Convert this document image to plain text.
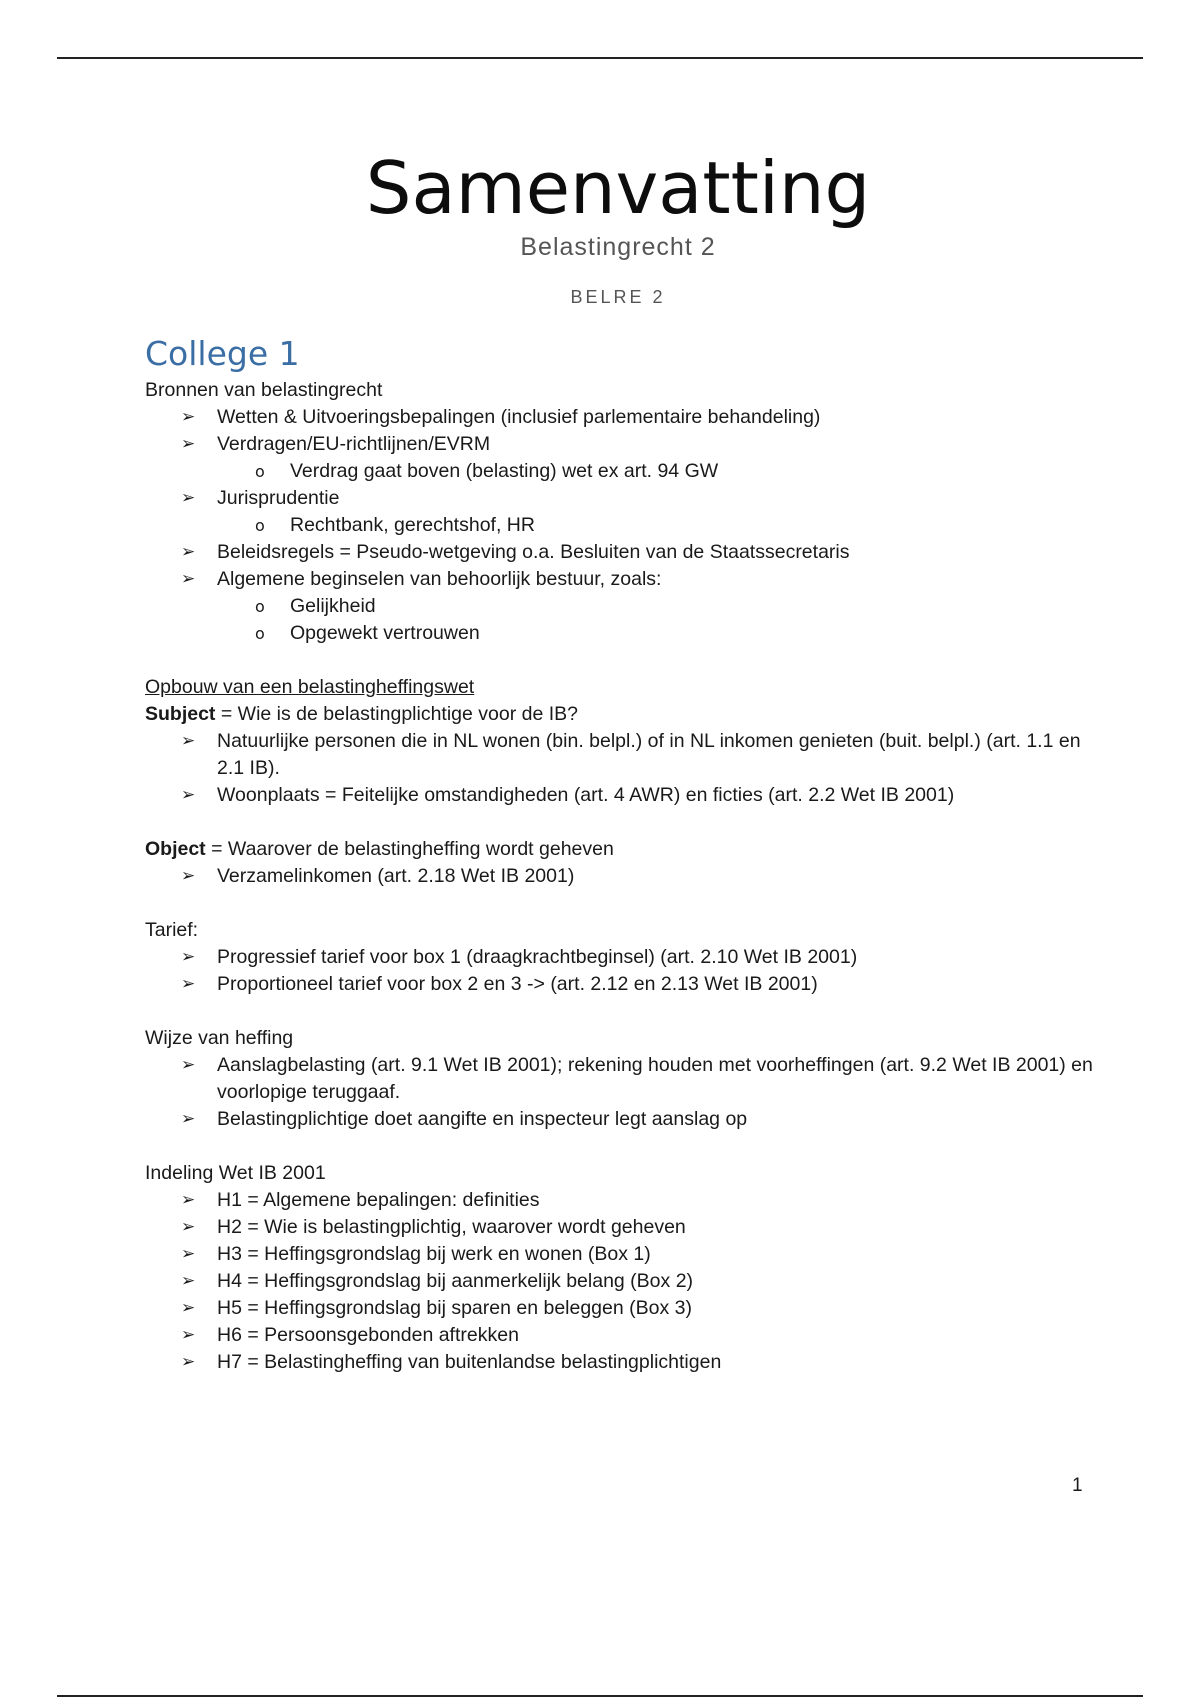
Samenvatting
Belastingrecht 2
BELRE 2
College 1

Bronnen van belastingrecht

➢ Wetten & Uitvoeringsbepalingen (inclusief parlementaire behandeling)
➢ Verdragen/EU-richtlijnen/EVRM
o Verdrag gaat boven (belasting) wet ex art. 94 GW
➢ Jurisprudentie
o Rechtbank, gerechtshof, HR
➢ Beleidsregels = Pseudo-wetgeving o.a. Besluiten van de Staatssecretaris
➢ Algemene beginselen van behoorlijk bestuur, zoals:
o Gelijkheid
o Opgewekt vertrouwen

Opbouw van een belastingheffingswet

Subject = Wie is de belastingplichtige voor de IB?

➢ Natuurlijke personen die in NL wonen (bin. belpl.) of in NL inkomen genieten (buit. belpl.) (art. 1.1 en 2.1 IB).
➢ Woonplaats = Feitelijke omstandigheden (art. 4 AWR) en ficties (art. 2.2 Wet IB 2001)

Object = Waarover de belastingheffing wordt geheven

➢ Verzamelinkomen (art. 2.18 Wet IB 2001)

Tarief:

➢ Progressief tarief voor box 1 (draagkrachtbeginsel) (art. 2.10 Wet IB 2001)
➢ Proportioneel tarief voor box 2 en 3 -> (art. 2.12 en 2.13 Wet IB 2001)

Wijze van heffing

➢ Aanslagbelasting (art. 9.1 Wet IB 2001); rekening houden met voorheffingen (art. 9.2 Wet IB 2001) en voorlopige teruggaaf.
➢ Belastingplichtige doet aangifte en inspecteur legt aanslag op

Indeling Wet IB 2001

➢ H1 = Algemene bepalingen: definities
➢ H2 = Wie is belastingplichtig, waarover wordt geheven
➢ H3 = Heffingsgrondslag bij werk en wonen (Box 1)
➢ H4 = Heffingsgrondslag bij aanmerkelijk belang (Box 2)
➢ H5 = Heffingsgrondslag bij sparen en beleggen (Box 3)
➢ H6 = Persoonsgebonden aftrekken
➢ H7 = Belastingheffing van buitenlandse belastingplichtigen
1
